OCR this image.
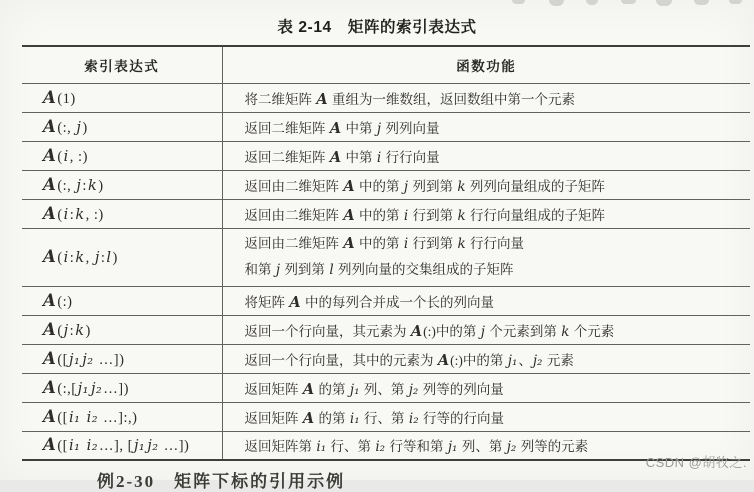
表 2-14　矩阵的索引表达式
索引表达式	函数功能
A(1)	将二维矩阵 A 重组为一维数组，返回数组中第一个元素
A(:, j)	返回二维矩阵 A 中第 j 列列向量
A(i, :)	返回二维矩阵 A 中第 i 行行向量
A(:, j:k)	返回由二维矩阵 A 中的第 j 列到第 k 列列向量组成的子矩阵
A(i:k, :)	返回由二维矩阵 A 中的第 i 行到第 k 行行向量组成的子矩阵
A(i:k, j:l)	返回由二维矩阵 A 中的第 i 行到第 k 行行向量
和第 j 列到第 l 列列向量的交集组成的子矩阵

A(:)	将矩阵 A 中的每列合并成一个长的列向量
A(j:k)	返回一个行向量，其元素为 A(:)中的第 j 个元素到第 k 个元素
A([j₁ j₂ …])	返回一个行向量，其中的元素为 A(:)中的第 j₁、j₂ 元素
A(:,[j₁ j₂…])	返回矩阵 A 的第 j₁ 列、第 j₂ 列等的列向量
A([i₁ i₂ …]:,)	返回矩阵 A 的第 i₁ 行、第 i₂ 行等的行向量
A([i₁ i₂…], [j₁ j₂ …])	返回矩阵第 i₁ 行、第 i₂ 行等和第 j₁ 列、第 j₂ 列等的元素
例2-30　矩阵下标的引用示例
CSDN @胡牧之.
